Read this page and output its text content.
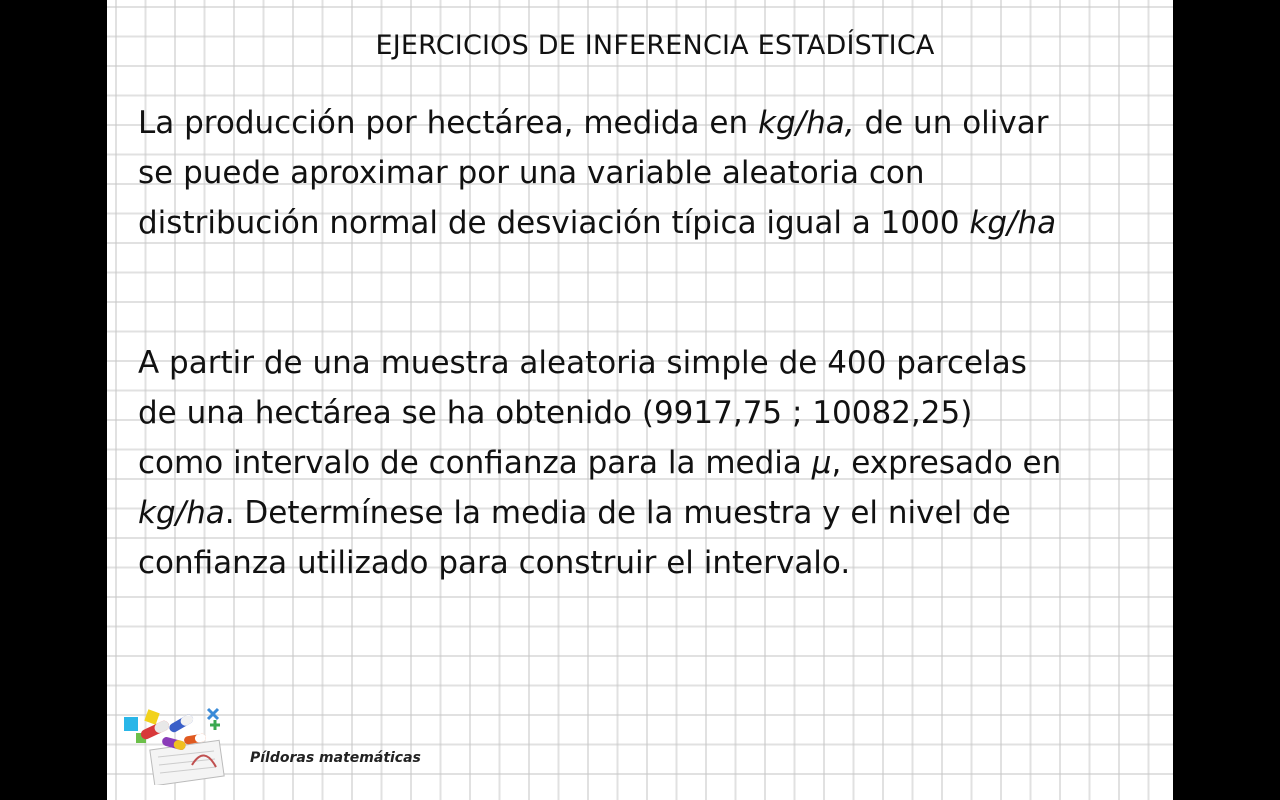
EJERCICIOS DE INFERENCIA ESTADÍSTICA
La producción por hectárea, medida en kg/ha, de un olivar
se puede aproximar por una variable aleatoria con
distribución normal de desviación típica igual a 1000 kg/ha
A partir de una muestra aleatoria simple de 400 parcelas
de una hectárea se ha obtenido (9917,75 ; 10082,25)
como intervalo de confianza para la media μ, expresado en
kg/ha. Determínese la media de la muestra y el nivel de
confianza utilizado para construir el intervalo.
Píldoras matemáticas
